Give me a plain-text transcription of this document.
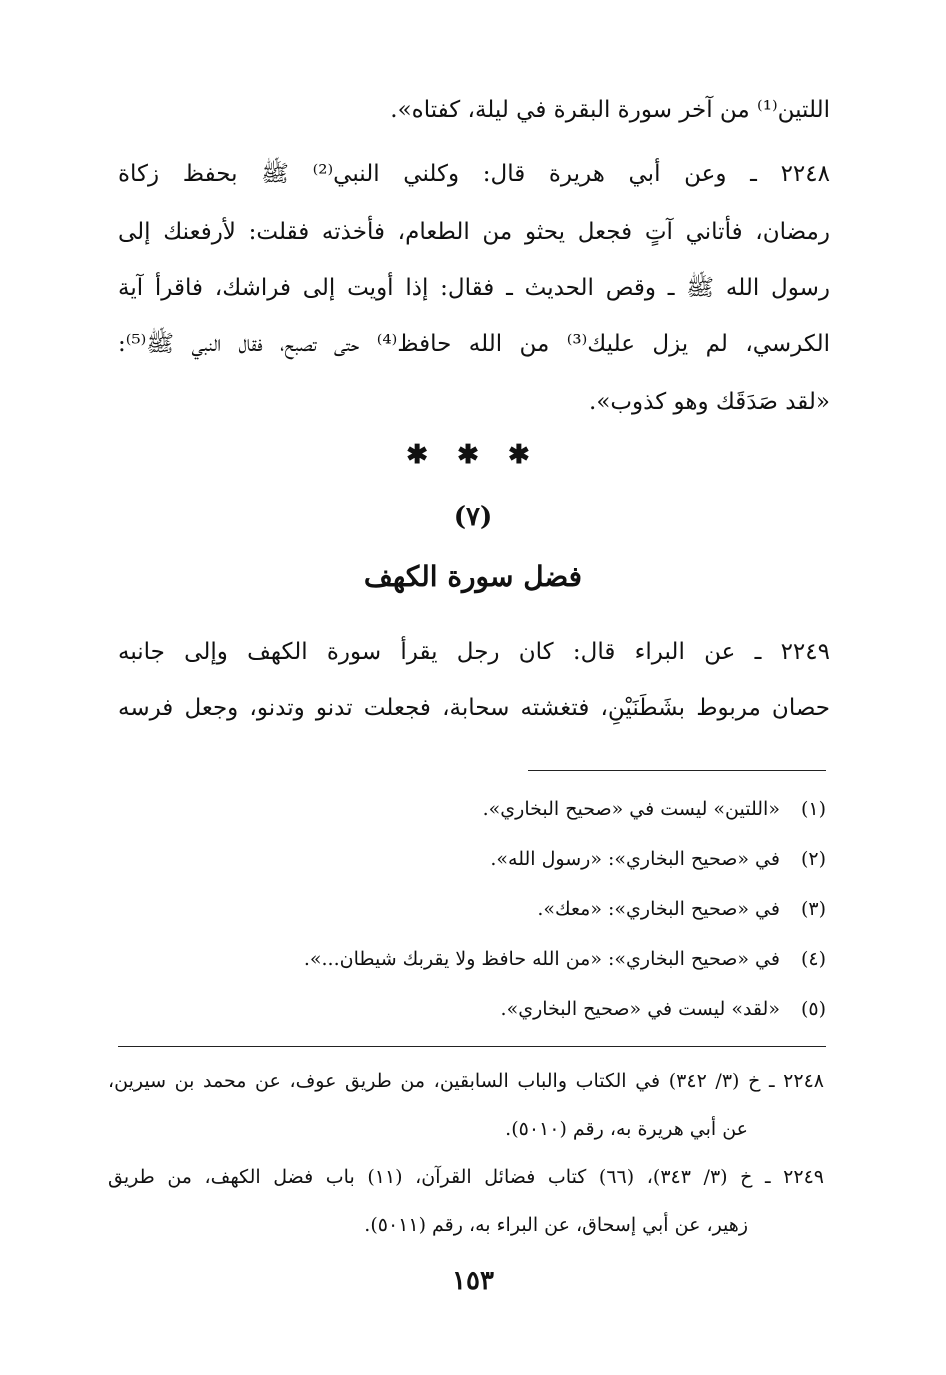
اللتين⁽¹⁾ من آخر سورة البقرة في ليلة، كفتاه».
٢٢٤٨ ـ وعن أبي هريرة قال: وكلني النبي⁽²⁾ ﷺ بحفظ زكاة
رمضان، فأتاني آتٍ فجعل يحثو من الطعام، فأخذته فقلت: لأرفعنك إلى
رسول الله ﷺ ـ وقص الحديث ـ فقال: إذا أويت إلى فراشك، فاقرأ آية
الكرسي، لم يزل عليك⁽³⁾ من الله حافظ⁽⁴⁾ حتى تصبح، فقال النبي ﷺ⁽⁵⁾:
«لقد صَدَقَك وهو كذوب».
✱ ✱ ✱
(٧)
فضل سورة الكهف
٢٢٤٩ ـ عن البراء قال: كان رجل يقرأ سورة الكهف وإلى جانبه
حصان مربوط بشَطَنَيْنِ، فتغشته سحابة، فجعلت تدنو وتدنو، وجعل فرسه
(١) «اللتين» ليست في «صحيح البخاري».
(٢) في «صحيح البخاري»: «رسول الله».
(٣) في «صحيح البخاري»: «معك».
(٤) في «صحيح البخاري»: «من الله حافظ ولا يقربك شيطان...».
(٥) «لقد» ليست في «صحيح البخاري».
٢٢٤٨ ـ خ (٣/ ٣٤٢) في الكتاب والباب السابقين، من طريق عوف، عن محمد بن سيرين،
عن أبي هريرة به، رقم (٥٠١٠).
٢٢٤٩ ـ خ (٣/ ٣٤٣)، (٦٦) كتاب فضائل القرآن، (١١) باب فضل الكهف، من طريق
زهير، عن أبي إسحاق، عن البراء به، رقم (٥٠١١).
١٥٣
